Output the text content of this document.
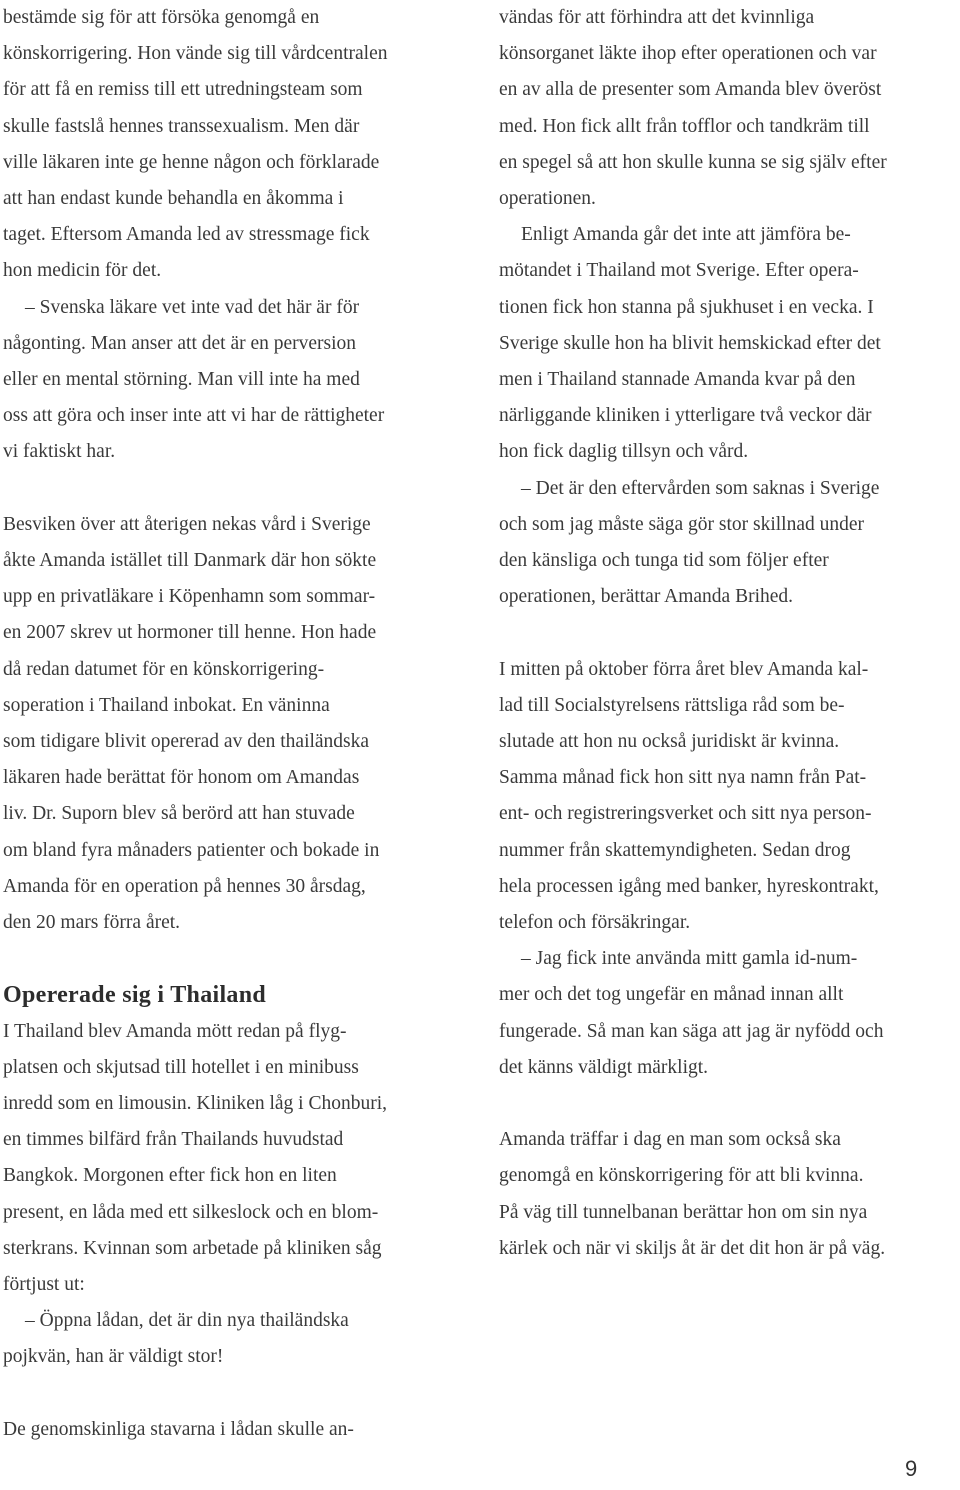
bestämde sig för att försöka genomgå en
könskorrigering. Hon vände sig till vårdcentralen
för att få en remiss till ett utredningsteam som
skulle fastslå hennes transsexualism. Men där
ville läkaren inte ge henne någon och förklarade
att han endast kunde behandla en åkomma i
taget. Eftersom Amanda led av stressmage fick
hon medicin för det.
– Svenska läkare vet inte vad det här är för
någonting. Man anser att det är en perversion
eller en mental störning. Man vill inte ha med
oss att göra och inser inte att vi har de rättigheter
vi faktiskt har.
Besviken över att återigen nekas vård i Sverige
åkte Amanda istället till Danmark där hon sökte
upp en privatläkare i Köpenhamn som sommar-
en 2007 skrev ut hormoner till henne. Hon hade
då redan datumet för en könskorrigering-
soperation i Thailand inbokat. En väninna
som tidigare blivit opererad av den thailändska
läkaren hade berättat för honom om Amandas
liv. Dr. Suporn blev så berörd att han stuvade
om bland fyra månaders patienter och bokade in
Amanda för en operation på hennes 30 årsdag,
den 20 mars förra året.
Opererade sig i Thailand
I Thailand blev Amanda mött redan på flyg-
platsen och skjutsad till hotellet i en minibuss
inredd som en limousin. Kliniken låg i Chonburi,
en timmes bilfärd från Thailands huvudstad
Bangkok. Morgonen efter fick hon en liten
present, en låda med ett silkeslock och en blom-
sterkrans. Kvinnan som arbetade på kliniken såg
förtjust ut:
– Öppna lådan, det är din nya thailändska
pojkvän, han är väldigt stor!
De genomskinliga stavarna i lådan skulle an-
vändas för att förhindra att det kvinnliga
könsorganet läkte ihop efter operationen och var
en av alla de presenter som Amanda blev överöst
med. Hon fick allt från tofflor och tandkräm till
en spegel så att hon skulle kunna se sig själv efter
operationen.
Enligt Amanda går det inte att jämföra be-
mötandet i Thailand mot Sverige. Efter opera-
tionen fick hon stanna på sjukhuset i en vecka. I
Sverige skulle hon ha blivit hemskickad efter det
men i Thailand stannade Amanda kvar på den
närliggande kliniken i ytterligare två veckor där
hon fick daglig tillsyn och vård.
– Det är den eftervården som saknas i Sverige
och som jag måste säga gör stor skillnad under
den känsliga och tunga tid som följer efter
operationen, berättar Amanda Brihed.
I mitten på oktober förra året blev Amanda kal-
lad till Socialstyrelsens rättsliga råd som be-
slutade att hon nu också juridiskt är kvinna.
Samma månad fick hon sitt nya namn från Pat-
ent- och registreringsverket och sitt nya person-
nummer från skattemyndigheten. Sedan drog
hela processen igång med banker, hyreskontrakt,
telefon och försäkringar.
– Jag fick inte använda mitt gamla id-num-
mer och det tog ungefär en månad innan allt
fungerade. Så man kan säga att jag är nyfödd och
det känns väldigt märkligt.
Amanda träffar i dag en man som också ska
genomgå en könskorrigering för att bli kvinna.
På väg till tunnelbanan berättar hon om sin nya
kärlek och när vi skiljs åt är det dit hon är på väg.
9
